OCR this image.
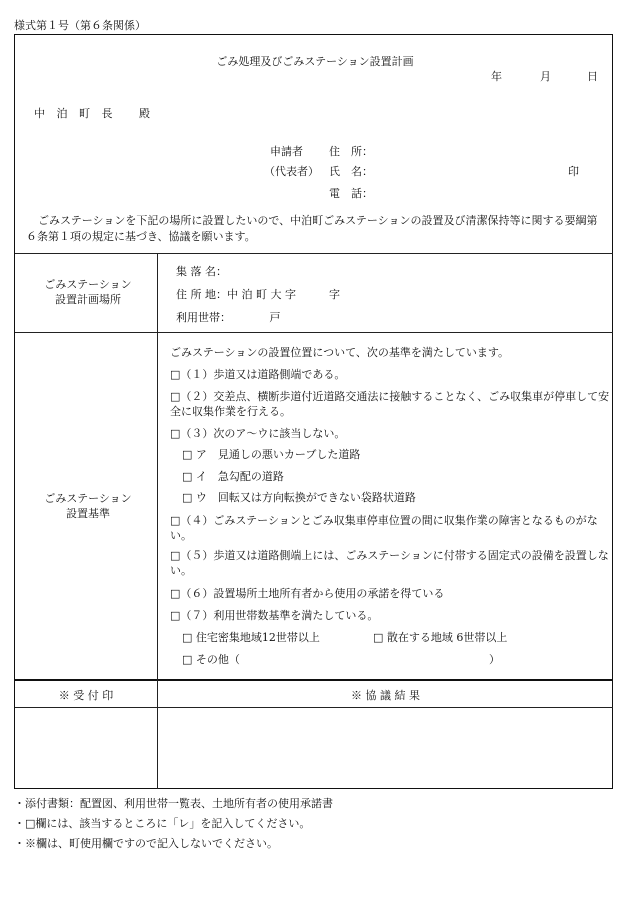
様式第１号（第６条関係）
ごみ処理及びごみステーション設置計画
年	月	日
中 泊 町 長　 殿
申請者 住　所：
（代表者） 氏　名：	印
電　話：
ごみステーションを下記の場所に設置したいので、中泊町ごみステーションの設置及び清潔保持等に関する要綱第６条第１項の規定に基づき、協議を願います。
ごみステーション
設置計画場所
集 落 名：
住 所 地：中 泊 町 大 字　　　字
利用世帯：　　　　戸
ごみステーション
設置基準
ごみステーションの設置位置について、次の基準を満たしています。
□（１）歩道又は道路側端である。
□（２）交差点、横断歩道付近道路交通法に接触することなく、ごみ収集車が停車して安全に収集作業を行える。
□（３）次のア～ウに該当しない。
□ ア　見通しの悪いカーブした道路
□ イ　急勾配の道路
□ ウ　回転又は方向転換ができない袋路状道路
□（４）ごみステーションとごみ収集車停車位置の間に収集作業の障害となるものがない。
□（５）歩道又は道路側端上には、ごみステーションに付帯する固定式の設備を設置しない。
□（６）設置場所土地所有者から使用の承諾を得ている
□（７）利用世帯数基準を満たしている。
□ 住宅密集地域12世帯以上	□ 散在する地域 6世帯以上
□ その他（	）
※ 受 付 印	※ 協 議 結 果
・添付書類：配置図、利用世帯一覧表、土地所有者の使用承諾書
・□欄には、該当するところに「レ」を記入してください。
・※欄は、町使用欄ですので記入しないでください。
